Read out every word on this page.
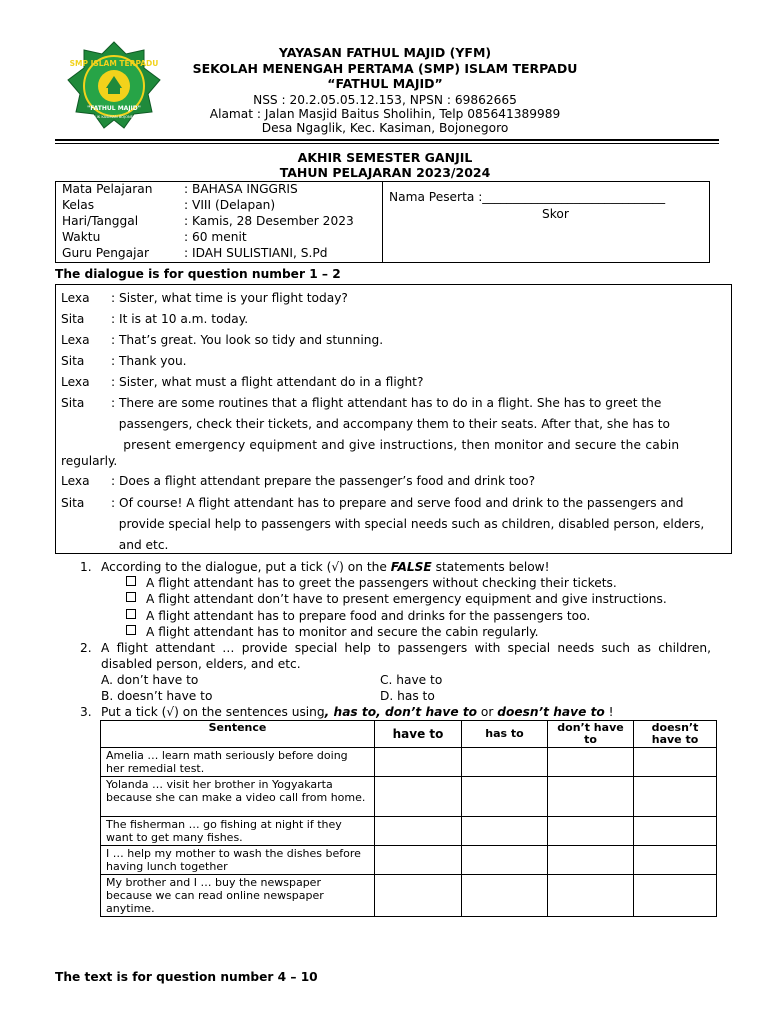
SMP ISLAM TERPADU
"FATHUL MAJID"
NGAGLIK KASIMAN BOJONEGORO
YAYASAN FATHUL MAJID (YFM)
SEKOLAH MENENGAH PERTAMA (SMP) ISLAM TERPADU
“FATHUL MAJID”
NSS : 20.2.05.05.12.153, NPSN : 69862665
Alamat : Jalan Masjid Baitus Sholihin, Telp 085641389989
Desa Ngaglik, Kec. Kasiman, Bojonegoro
AKHIR SEMESTER GANJIL
TAHUN PELAJARAN 2023/2024
Mata Pelajaran	: BAHASA INGGRIS
Kelas	: VIII (Delapan)
Hari/Tanggal	: Kamis, 28 Desember 2023
Waktu	: 60 menit
Guru Pengajar	: IDAH SULISTIANI, S.Pd
Nama Peserta :______________________________
Skor
The dialogue is for question number 1 – 2
Lexa	: Sister, what time is your flight today?
Sita	: It is at 10 a.m. today.
Lexa	: That’s great. You look so tidy and stunning.
Sita	: Thank you.
Lexa	: Sister, what must a flight attendant do in a flight?
Sita	: There are some routines that a flight attendant has to do in a flight. She has to greet the
passengers, check their tickets, and accompany them to their seats. After that, she has to
present emergency equipment and give instructions, then monitor and secure the cabin
regularly.
Lexa	: Does a flight attendant prepare the passenger’s food and drink too?
Sita	: Of course! A flight attendant has to prepare and serve food and drink to the passengers and
provide special help to passengers with special needs such as children, disabled person, elders,
and etc.
1. According to the dialogue, put a tick (√) on the FALSE statements below!
A flight attendant has to greet the passengers without checking their tickets.
A flight attendant don’t have to present emergency equipment and give instructions.
A flight attendant has to prepare food and drinks for the passengers too.
A flight attendant has to monitor and secure the cabin regularly.
2. A flight attendant … provide special help to passengers with special needs such as children,
disabled person, elders, and etc.
A. don’t have to
B. doesn’t have to
C. have to
D. has to
3. Put a tick (√) on the sentences using, has to, don’t have to or doesn’t have to !
Sentence	have to	has to	don’t have to	doesn’t have to
Amelia … learn math seriously before doing her remedial test.				
Yolanda … visit her brother in Yogyakarta because she can make a video call from home.				
The fisherman … go fishing at night if they want to get many fishes.				
I … help my mother to wash the dishes before having lunch together				
My brother and I … buy the newspaper because we can read online newspaper anytime.				
The text is for question number 4 – 10
